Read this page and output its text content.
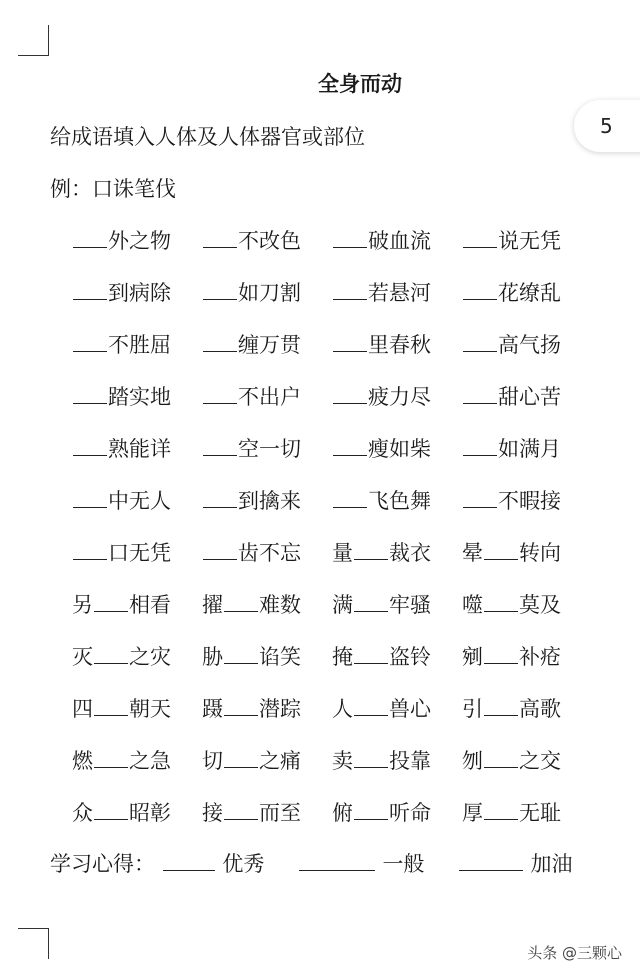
全身而动
给成语填入人体及人体器官或部位
例：口诛笔伐
5
外之物	不改色	破血流	说无凭
到病除	如刀割	若悬河	花缭乱
不胜屈	缠万贯	里春秋	高气扬
踏实地	不出户	疲力尽	甜心苦
熟能详	空一切	瘦如柴	如满月
中无人	到擒来	飞色舞	不暇接
口无凭	齿不忘	量 裁衣	晕 转向
另 相看	擢 难数	满 牢骚	噬 莫及
灭 之灾	胁 谄笑	掩 盗铃	剜 补疮
四 朝天	蹑 潜踪	人 兽心	引 高歌
燃 之急	切 之痛	卖 投靠	刎 之交
众 昭彰	接 而至	俯 听命	厚 无耻
学习心得：	优秀	一般	加油
头条 @三颗心
